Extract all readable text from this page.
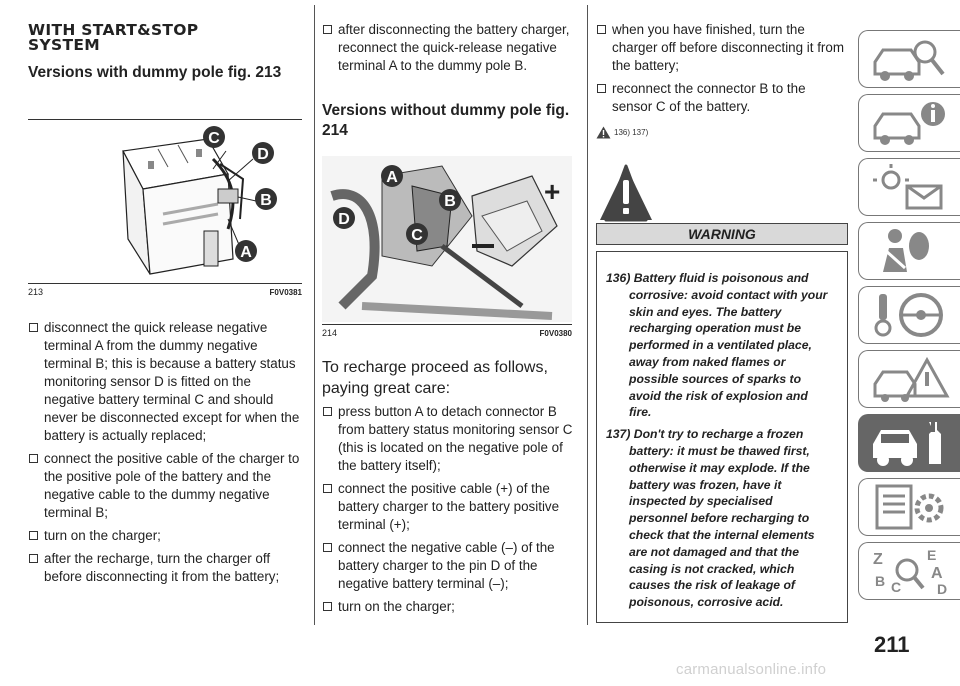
WITH START&STOP
SYSTEM
Versions with dummy pole fig. 213
C
D
B
A
213	F0V0381
disconnect the quick release negative terminal A from the dummy negative terminal B; this is because a battery status monitoring sensor D is fitted on the negative battery terminal C and should never be disconnected except for when the battery is actually replaced;
connect the positive cable of the charger to the positive pole of the battery and the negative cable to the dummy negative terminal B;
turn on the charger;
after the recharge, turn the charger off before disconnecting it from the battery;
after disconnecting the battery charger, reconnect the quick-release negative terminal A to the dummy pole B.
Versions without dummy pole fig. 214
+
A
B
D
C
214	F0V0380

To recharge proceed as follows, paying great care:

press button A to detach connector B from battery status monitoring sensor C (this is located on the negative pole of the battery itself);
connect the positive cable (+) of the battery charger to the battery positive terminal (+);
connect the negative cable (–) of the battery charger to the pin D of the negative battery terminal (–);
turn on the charger;
when you have finished, turn the charger off before disconnecting it from the battery;
reconnect the connector B to the sensor C of the battery.
136) 137)
WARNING

136) Battery fluid is poisonous and corrosive: avoid contact with your skin and eyes. The battery recharging operation must be performed in a ventilated place, away from naked flames or possible sources of sparks to avoid the risk of explosion and fire.

137) Don't try to recharge a frozen battery: it must be thawed first, otherwise it may explode. If the battery was frozen, have it inspected by specialised personnel before recharging to check that the internal elements are not damaged and that the casing is not cracked, which causes the risk of leakage of poisonous, corrosive acid.

Z	E
A
B C	D
211
carmanualsonline.info
